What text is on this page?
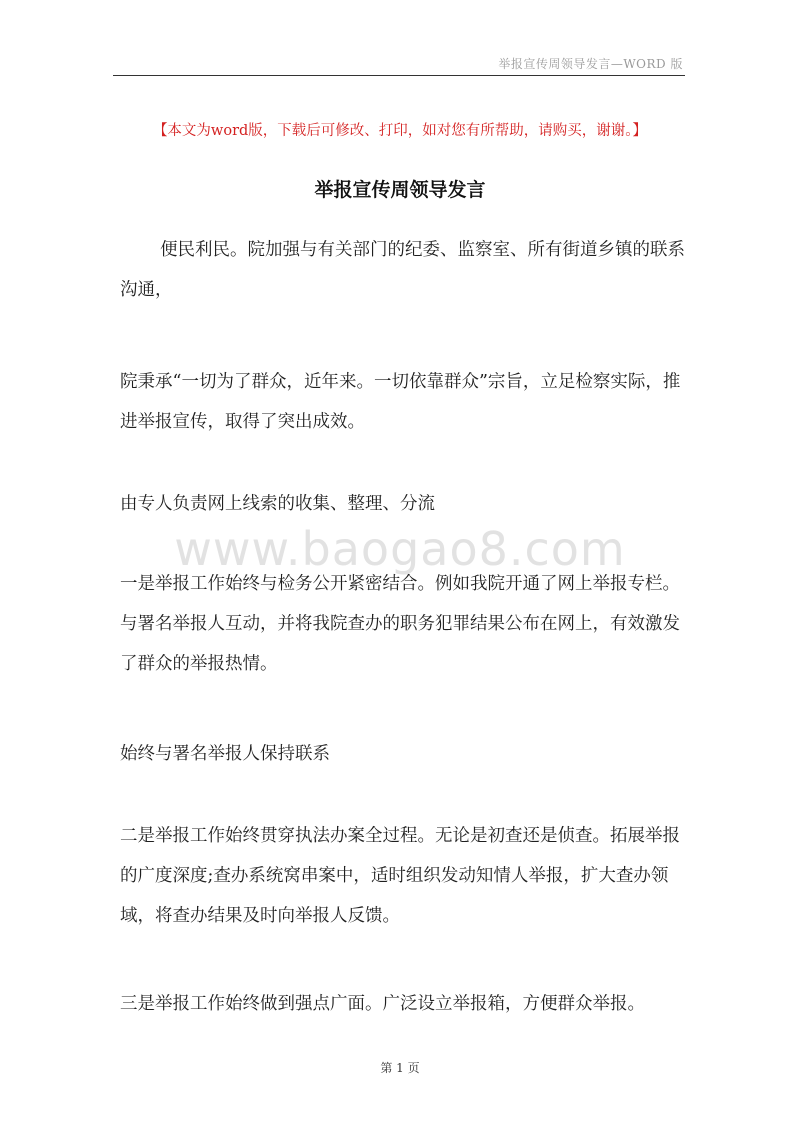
举报宣传周领导发言—WORD 版
【本文为word版，下载后可修改、打印，如对您有所帮助，请购买，谢谢。】
举报宣传周领导发言
便民利民。院加强与有关部门的纪委、监察室、所有街道乡镇的联系沟通，
院秉承“一切为了群众，近年来。一切依靠群众”宗旨，立足检察实际，推进举报宣传，取得了突出成效。
由专人负责网上线索的收集、整理、分流
www.baogao8.com
一是举报工作始终与检务公开紧密结合。例如我院开通了网上举报专栏。与署名举报人互动，并将我院查办的职务犯罪结果公布在网上，有效激发了群众的举报热情。
始终与署名举报人保持联系
二是举报工作始终贯穿执法办案全过程。无论是初查还是侦查。拓展举报的广度深度;查办系统窝串案中，适时组织发动知情人举报，扩大查办领域，将查办结果及时向举报人反馈。
三是举报工作始终做到强点广面。广泛设立举报箱，方便群众举报。
第 1 页
